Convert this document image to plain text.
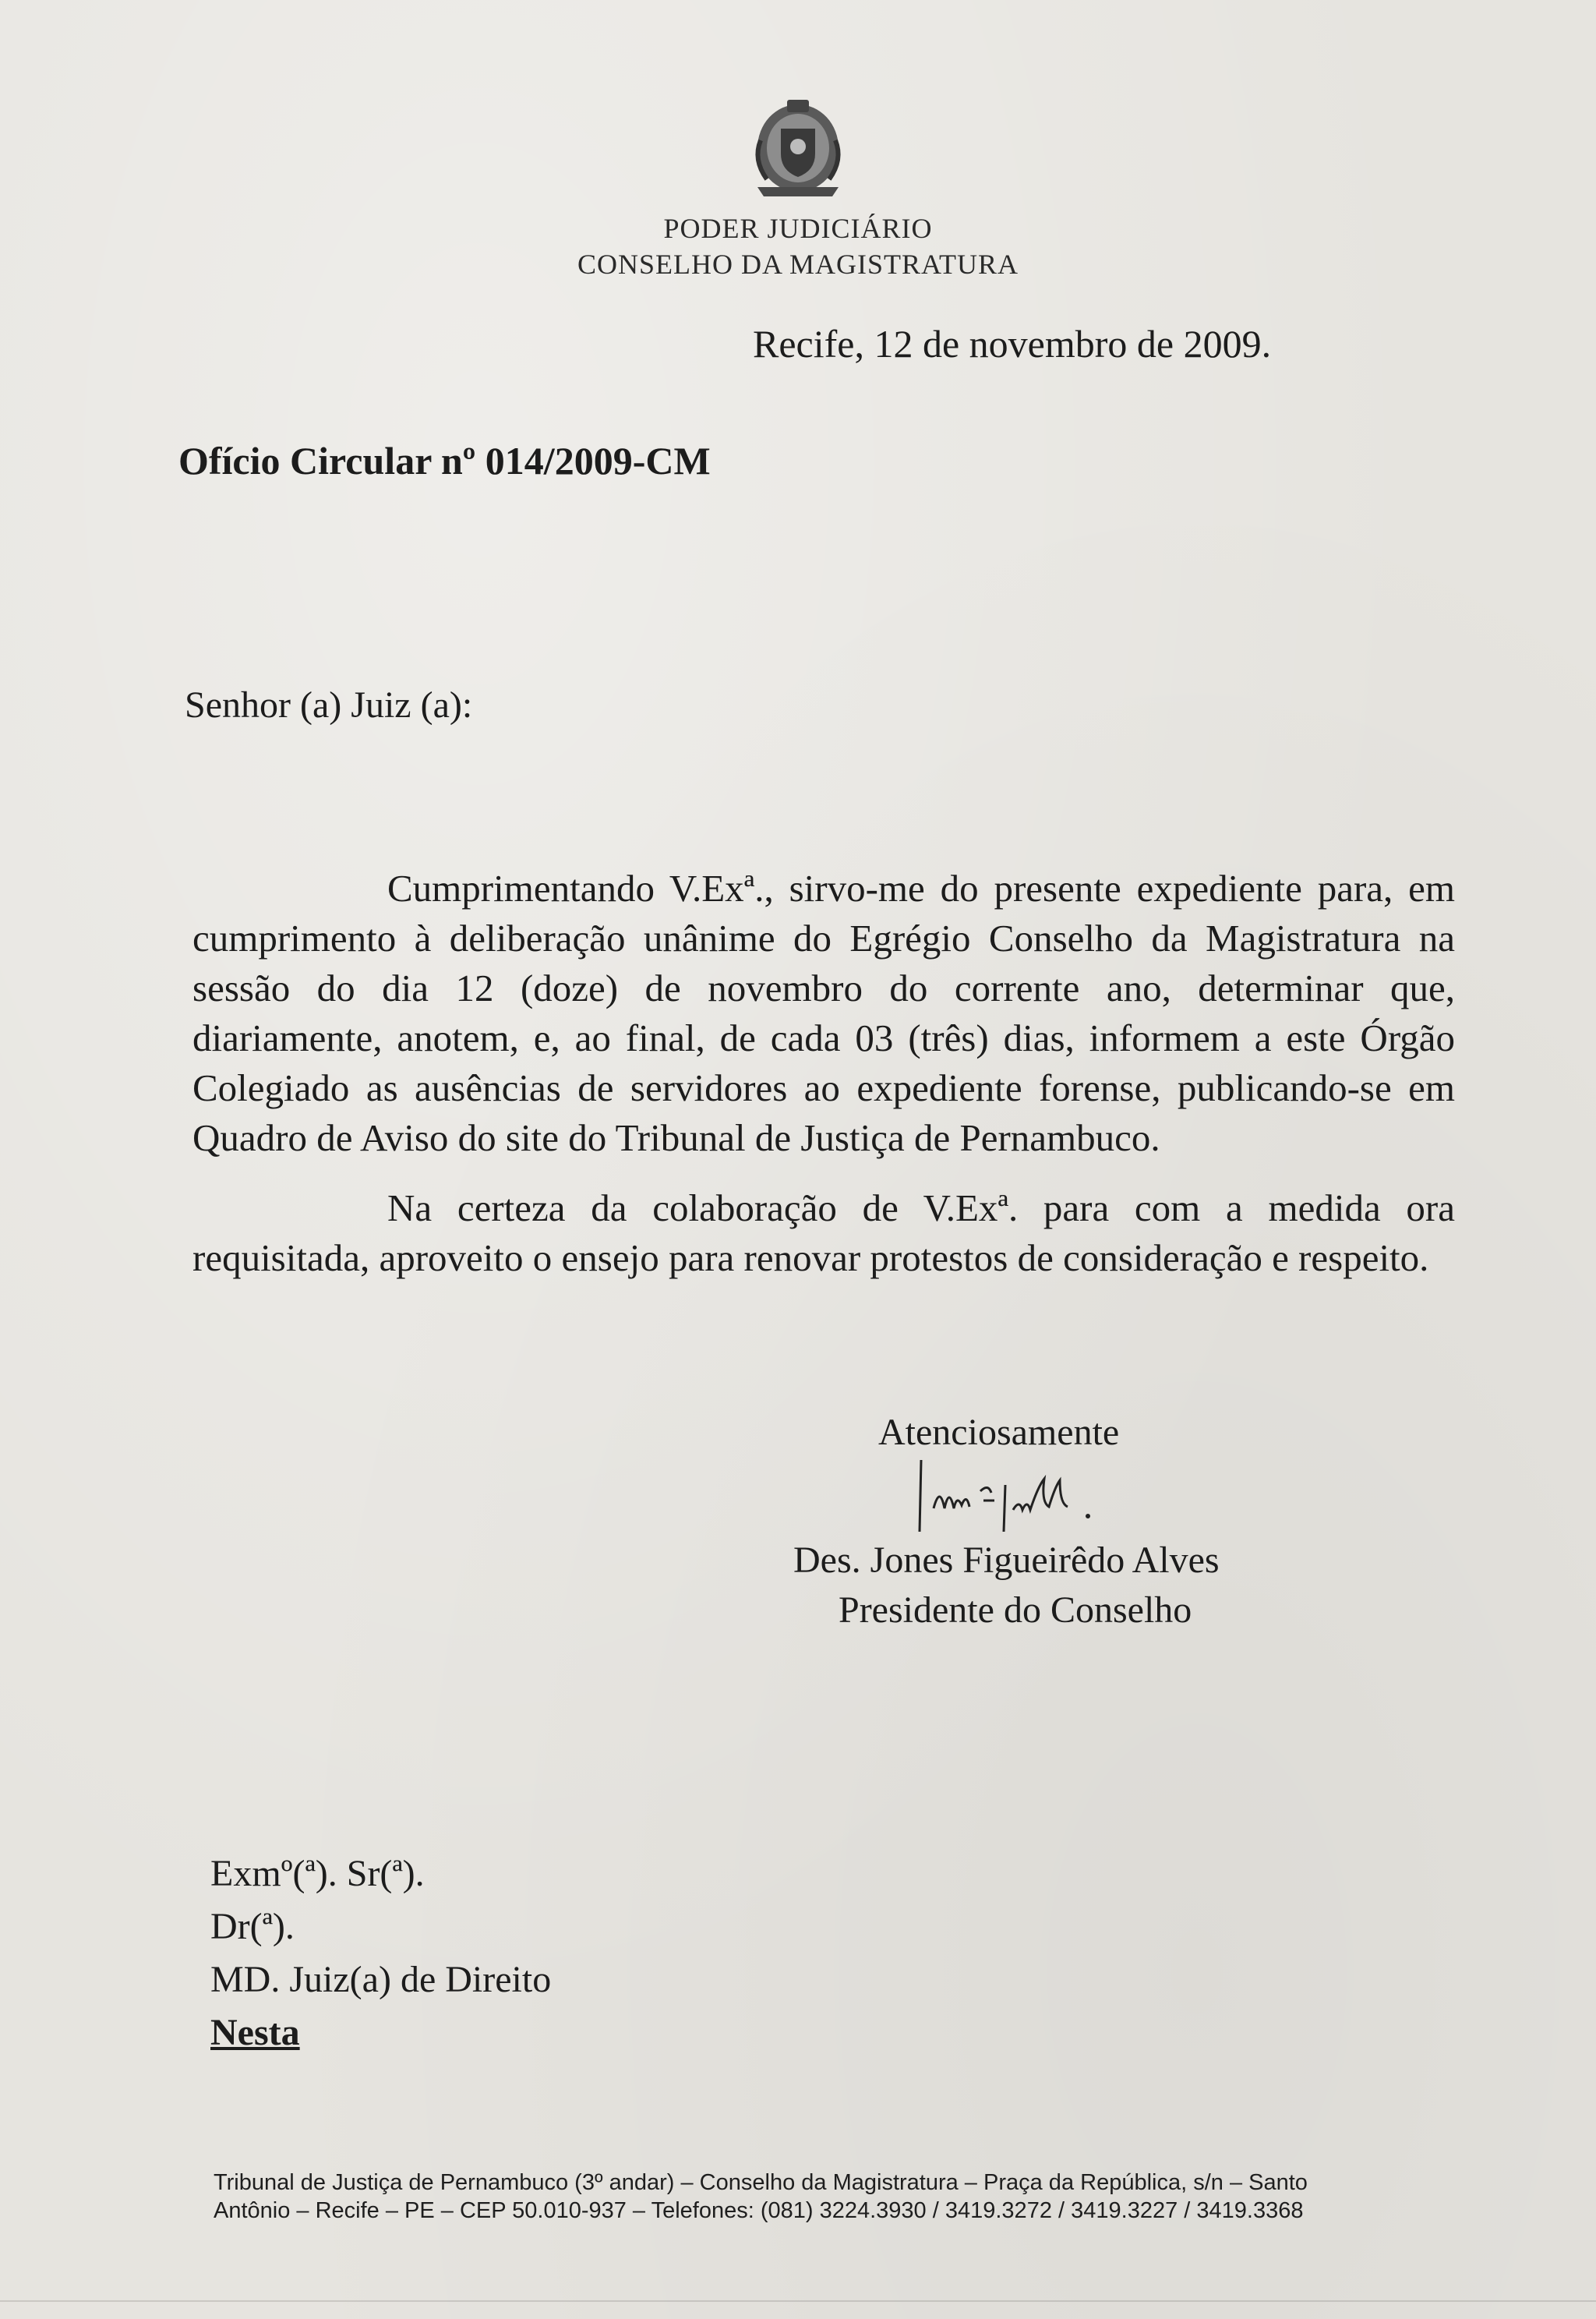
PODER JUDICIÁRIO
CONSELHO DA MAGISTRATURA
Recife, 12 de novembro de 2009.
Ofício Circular nº 014/2009-CM
Senhor (a) Juiz (a):

Cumprimentando V.Exª., sirvo-me do presente expediente para, em cumprimento à deliberação unânime do Egrégio Conselho da Magistratura na sessão do dia 12 (doze) de novembro do corrente ano, determinar que, diariamente, anotem, e, ao final, de cada 03 (três) dias, informem a este Órgão Colegiado as ausências de servidores ao expediente forense, publicando-se em Quadro de Aviso do site do Tribunal de Justiça de Pernambuco.

Na certeza da colaboração de V.Exª. para com a medida ora requisitada, aproveito o ensejo para renovar protestos de consideração e respeito.

Atenciosamente
Des. Jones Figueirêdo Alves
Presidente do Conselho
Exmº(ª). Sr(ª).
Dr(ª).
MD. Juiz(a) de Direito
Nesta
Tribunal de Justiça de Pernambuco (3º andar) – Conselho da Magistratura – Praça da República, s/n – Santo
Antônio – Recife – PE – CEP 50.010-937 – Telefones: (081) 3224.3930 / 3419.3272 / 3419.3227 / 3419.3368
